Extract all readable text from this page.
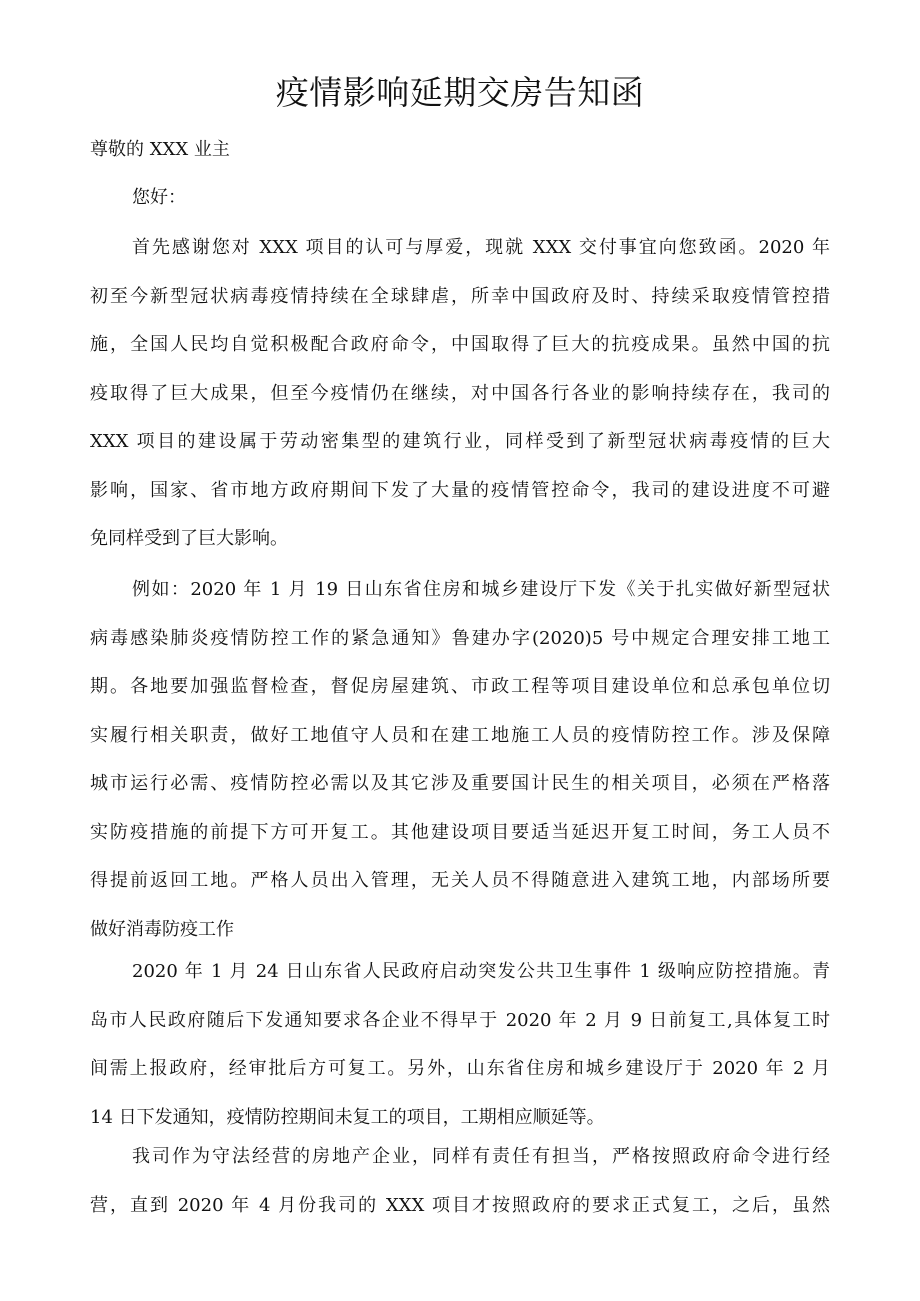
疫情影响延期交房告知函
尊敬的 XXX 业主
您好：
首先感谢您对 XXX 项目的认可与厚爱，现就 XXX 交付事宜向您致函。2020 年
初至今新型冠状病毒疫情持续在全球肆虐，所幸中国政府及时、持续采取疫情管控措
施，全国人民均自觉积极配合政府命令，中国取得了巨大的抗疫成果。虽然中国的抗
疫取得了巨大成果，但至今疫情仍在继续，对中国各行各业的影响持续存在，我司的
XXX 项目的建设属于劳动密集型的建筑行业，同样受到了新型冠状病毒疫情的巨大
影响，国家、省市地方政府期间下发了大量的疫情管控命令，我司的建设进度不可避
免同样受到了巨大影响。
例如：2020 年 1 月 19 日山东省住房和城乡建设厅下发《关于扎实做好新型冠状
病毒感染肺炎疫情防控工作的紧急通知》鲁建办字(2020)5 号中规定合理安排工地工
期。各地要加强监督检查，督促房屋建筑、市政工程等项目建设单位和总承包单位切
实履行相关职责，做好工地值守人员和在建工地施工人员的疫情防控工作。涉及保障
城市运行必需、疫情防控必需以及其它涉及重要国计民生的相关项目，必须在严格落
实防疫措施的前提下方可开复工。其他建设项目要适当延迟开复工时间，务工人员不
得提前返回工地。严格人员出入管理，无关人员不得随意进入建筑工地，内部场所要
做好消毒防疫工作
2020 年 1 月 24 日山东省人民政府启动突发公共卫生事件 1 级响应防控措施。青
岛市人民政府随后下发通知要求各企业不得早于 2020 年 2 月 9 日前复工,具体复工时
间需上报政府，经审批后方可复工。另外，山东省住房和城乡建设厅于 2020 年 2 月
14 日下发通知，疫情防控期间未复工的项目，工期相应顺延等。
我司作为守法经营的房地产企业，同样有责任有担当，严格按照政府命令进行经
营，直到 2020 年 4 月份我司的 XXX 项目才按照政府的要求正式复工，之后，虽然
